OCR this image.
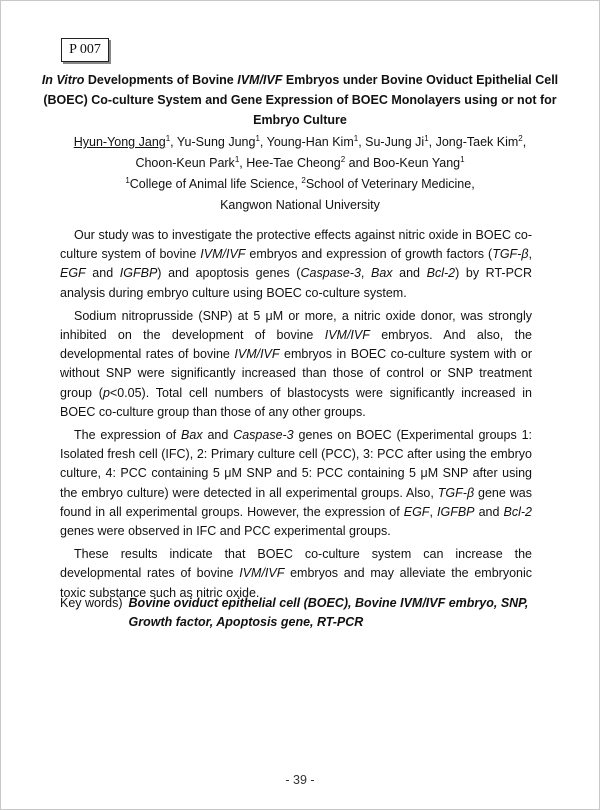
P 007
In Vitro Developments of Bovine IVM/IVF Embryos under Bovine Oviduct Epithelial Cell (BOEC) Co-culture System and Gene Expression of BOEC Monolayers using or not for Embryo Culture
Hyun-Yong Jang$^1$, Yu-Sung Jung$^1$, Young-Han Kim$^1$, Su-Jung Ji$^1$, Jong-Taek Kim$^2$,
Choon-Keun Park$^1$, Hee-Tae Cheong$^2$ and Boo-Keun Yang$^1$
$^1$College of Animal life Science, $^2$School of Veterinary Medicine,
Kangwon National University

Our study was to investigate the protective effects against nitric oxide in BOEC co-culture system of bovine IVM/IVF embryos and expression of growth factors (TGF-β, EGF and IGFBP) and apoptosis genes (Caspase-3, Bax and Bcl-2) by RT-PCR analysis during embryo culture using BOEC co-culture system.

Sodium nitroprusside (SNP) at 5 μM or more, a nitric oxide donor, was strongly inhibited on the development of bovine IVM/IVF embryos. And also, the developmental rates of bovine IVM/IVF embryos in BOEC co-culture system with or without SNP were significantly increased than those of control or SNP treatment group (p<0.05). Total cell numbers of blastocysts were significantly increased in BOEC co-culture group than those of any other groups.

The expression of Bax and Caspase-3 genes on BOEC (Experimental groups 1: Isolated fresh cell (IFC), 2: Primary culture cell (PCC), 3: PCC after using the embryo culture, 4: PCC containing 5 μM SNP and 5: PCC containing 5 μM SNP after using the embryo culture) were detected in all experimental groups. Also, TGF-β gene was found in all experimental groups. However, the expression of EGF, IGFBP and Bcl-2 genes were observed in IFC and PCC experimental groups.

These results indicate that BOEC co-culture system can increase the developmental rates of bovine IVM/IVF embryos and may alleviate the embryonic toxic substance such as nitric oxide.

Key words) Bovine oviduct epithelial cell (BOEC), Bovine IVM/IVF embryo, SNP, Growth factor, Apoptosis gene, RT-PCR
- 39 -
